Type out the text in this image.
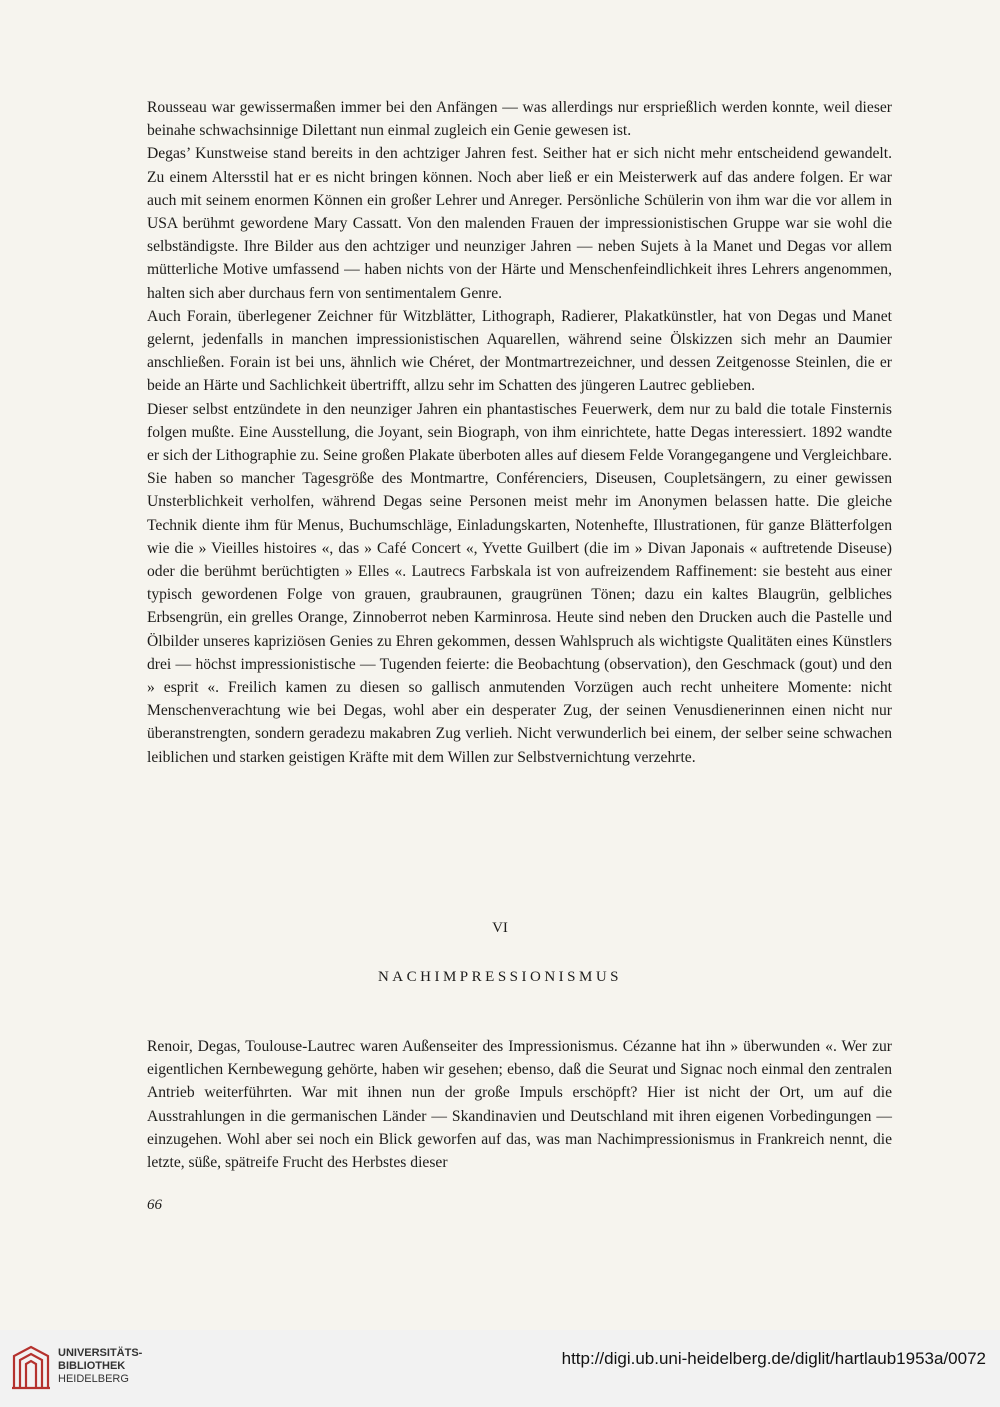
Rousseau war gewissermaßen immer bei den Anfängen — was allerdings nur ersprießlich werden konnte, weil dieser beinahe schwachsinnige Dilettant nun einmal zugleich ein Genie gewesen ist.

Degas’ Kunstweise stand bereits in den achtziger Jahren fest. Seither hat er sich nicht mehr entscheidend gewandelt. Zu einem Altersstil hat er es nicht bringen können. Noch aber ließ er ein Meisterwerk auf das andere folgen. Er war auch mit seinem enormen Können ein großer Lehrer und Anreger. Persönliche Schülerin von ihm war die vor allem in USA berühmt gewordene Mary Cassatt. Von den malenden Frauen der impressionistischen Gruppe war sie wohl die selbständigste. Ihre Bilder aus den achtziger und neunziger Jahren — neben Sujets à la Manet und Degas vor allem mütterliche Motive umfassend — haben nichts von der Härte und Menschenfeindlichkeit ihres Lehrers angenommen, halten sich aber durchaus fern von sentimentalem Genre.

Auch Forain, überlegener Zeichner für Witzblätter, Lithograph, Radierer, Plakatkünstler, hat von Degas und Manet gelernt, jedenfalls in manchen impressionistischen Aquarellen, während seine Ölskizzen sich mehr an Daumier anschließen. Forain ist bei uns, ähnlich wie Chéret, der Montmartrezeichner, und dessen Zeitgenosse Steinlen, die er beide an Härte und Sachlichkeit übertrifft, allzu sehr im Schatten des jüngeren Lautrec geblieben.

Dieser selbst entzündete in den neunziger Jahren ein phantastisches Feuerwerk, dem nur zu bald die totale Finsternis folgen mußte. Eine Ausstellung, die Joyant, sein Biograph, von ihm einrichtete, hatte Degas interessiert. 1892 wandte er sich der Lithographie zu. Seine großen Plakate überboten alles auf diesem Felde Vorangegangene und Vergleichbare. Sie haben so mancher Tagesgröße des Montmartre, Conférenciers, Diseusen, Coupletsängern, zu einer gewissen Unsterblichkeit verholfen, während Degas seine Personen meist mehr im Anonymen belassen hatte. Die gleiche Technik diente ihm für Menus, Buchumschläge, Einladungskarten, Notenhefte, Illustrationen, für ganze Blätterfolgen wie die » Vieilles histoires «, das » Café Concert «, Yvette Guilbert (die im » Divan Japonais « auftretende Diseuse) oder die berühmt berüchtigten » Elles «. Lautrecs Farbskala ist von aufreizendem Raffinement: sie besteht aus einer typisch gewordenen Folge von grauen, graubraunen, graugrünen Tönen; dazu ein kaltes Blaugrün, gelbliches Erbsengrün, ein grelles Orange, Zinnoberrot neben Karminrosa. Heute sind neben den Drucken auch die Pastelle und Ölbilder unseres kapriziösen Genies zu Ehren gekommen, dessen Wahlspruch als wichtigste Qualitäten eines Künstlers drei — höchst impressionistische — Tugenden feierte: die Beobachtung (observation), den Geschmack (gout) und den » esprit «. Freilich kamen zu diesen so gallisch anmutenden Vorzügen auch recht unheitere Momente: nicht Menschenverachtung wie bei Degas, wohl aber ein desperater Zug, der seinen Venusdienerinnen einen nicht nur überanstrengten, sondern geradezu makabren Zug verlieh. Nicht verwunderlich bei einem, der selber seine schwachen leiblichen und starken geistigen Kräfte mit dem Willen zur Selbstvernichtung verzehrte.

VI
NACHIMPRESSIONISMUS

Renoir, Degas, Toulouse-Lautrec waren Außenseiter des Impressionismus. Cézanne hat ihn » überwunden «. Wer zur eigentlichen Kernbewegung gehörte, haben wir gesehen; ebenso, daß die Seurat und Signac noch einmal den zentralen Antrieb weiterführten. War mit ihnen nun der große Impuls erschöpft? Hier ist nicht der Ort, um auf die Ausstrahlungen in die germanischen Länder — Skandinavien und Deutschland mit ihren eigenen Vorbedingungen — einzugehen. Wohl aber sei noch ein Blick geworfen auf das, was man Nachimpressionismus in Frankreich nennt, die letzte, süße, spätreife Frucht des Herbstes dieser

66
UNIVERSITÄTS-
BIBLIOTHEK
HEIDELBERG
http://digi.ub.uni-heidelberg.de/diglit/hartlaub1953a/0072
